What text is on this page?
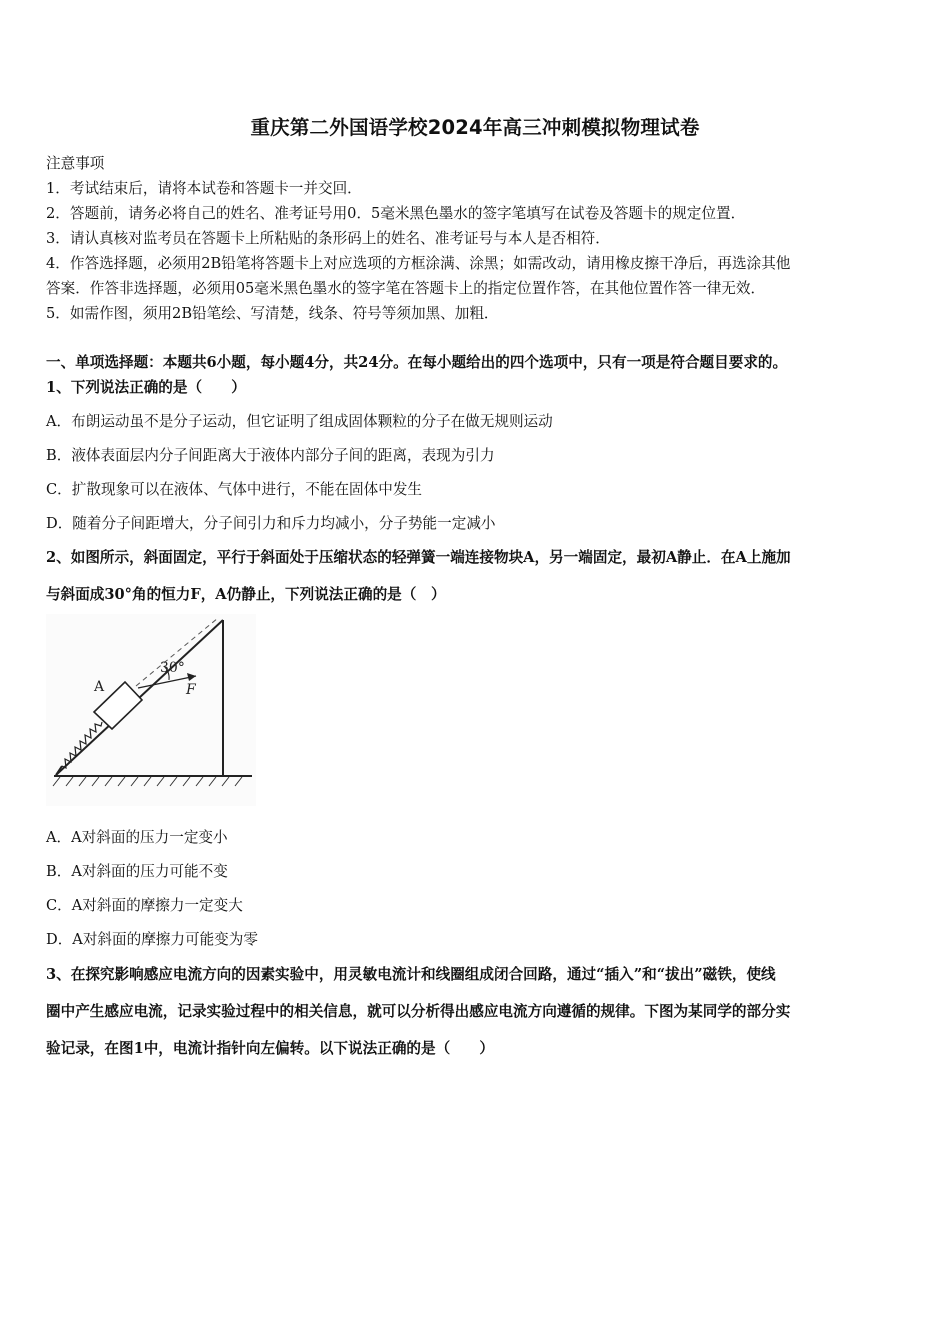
重庆第二外国语学校2024年高三冲刺模拟物理试卷
注意事项
1．考试结束后，请将本试卷和答题卡一并交回．
2．答题前，请务必将自己的姓名、准考证号用0．5毫米黑色墨水的签字笔填写在试卷及答题卡的规定位置．
3．请认真核对监考员在答题卡上所粘贴的条形码上的姓名、准考证号与本人是否相符．
4．作答选择题，必须用2B铅笔将答题卡上对应选项的方框涂满、涂黑；如需改动，请用橡皮擦干净后，再选涂其他
答案．作答非选择题，必须用05毫米黑色墨水的签字笔在答题卡上的指定位置作答，在其他位置作答一律无效．
5．如需作图，须用2B铅笔绘、写清楚，线条、符号等须加黑、加粗．
一、单项选择题：本题共6小题，每小题4分，共24分。在每小题给出的四个选项中，只有一项是符合题目要求的。
1、下列说法正确的是（　　）
A．布朗运动虽不是分子运动，但它证明了组成固体颗粒的分子在做无规则运动
B．液体表面层内分子间距离大于液体内部分子间的距离，表现为引力
C．扩散现象可以在液体、气体中进行，不能在固体中发生
D．随着分子间距增大，分子间引力和斥力均减小，分子势能一定减小
2、如图所示，斜面固定，平行于斜面处于压缩状态的轻弹簧一端连接物块A，另一端固定，最初A静止．在A上施加
与斜面成30°角的恒力F，A仍静止，下列说法正确的是（　）
A	F
30°
A．A对斜面的压力一定变小
B．A对斜面的压力可能不变
C．A对斜面的摩擦力一定变大
D．A对斜面的摩擦力可能变为零
3、在探究影响感应电流方向的因素实验中，用灵敏电流计和线圈组成闭合回路，通过“插入”和“拔出”磁铁，使线
圈中产生感应电流，记录实验过程中的相关信息，就可以分析得出感应电流方向遵循的规律。下图为某同学的部分实
验记录，在图1中，电流计指针向左偏转。以下说法正确的是（　　）
